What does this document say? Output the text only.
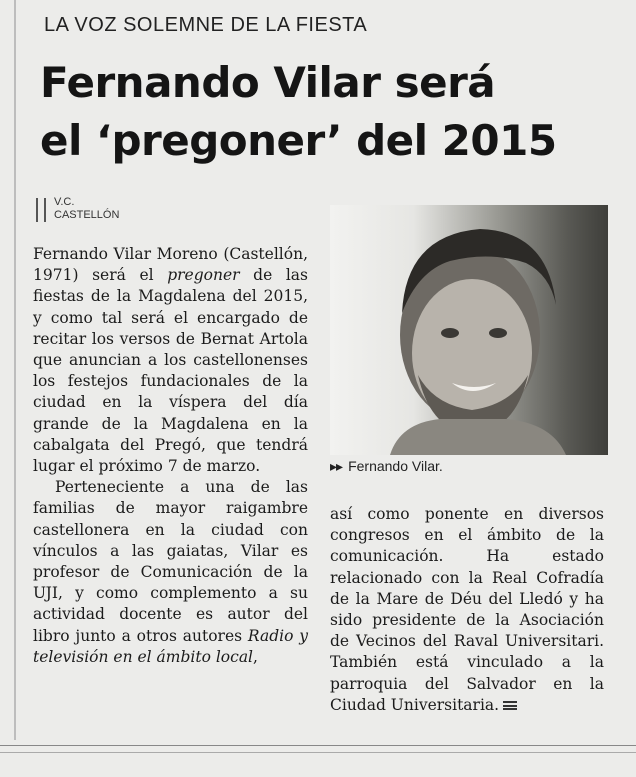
LA VOZ SOLEMNE DE LA FIESTA
Fernando Vilar será
el ‘pregoner’ del 2015
V.C.
CASTELLÓN

Fernando Vilar Moreno (Castellón, 1971) será el pregoner de las fiestas de la Magdalena del 2015, y como tal será el encargado de recitar los versos de Bernat Artola que anuncian a los castellonenses los festejos fundacionales de la ciudad en la víspera del día grande de la Magdalena en la cabalgata del Pregó, que tendrá lugar el próximo 7 de marzo.

Perteneciente a una de las familias de mayor raigambre castellonera en la ciudad con vínculos a las gaiatas, Vilar es profesor de Comunicación de la UJI, y como complemento a su actividad docente es autor del libro junto a otros autores Radio y televisión en el ámbito local,

▸▸ Fernando Vilar.

así como ponente en diversos congresos en el ámbito de la comunicación. Ha estado relacionado con la Real Cofradía de la Mare de Déu del Lledó y ha sido presidente de la Asociación de Vecinos del Raval Universitari. También está vinculado a la parroquia del Salvador en la Ciudad Universitaria.
